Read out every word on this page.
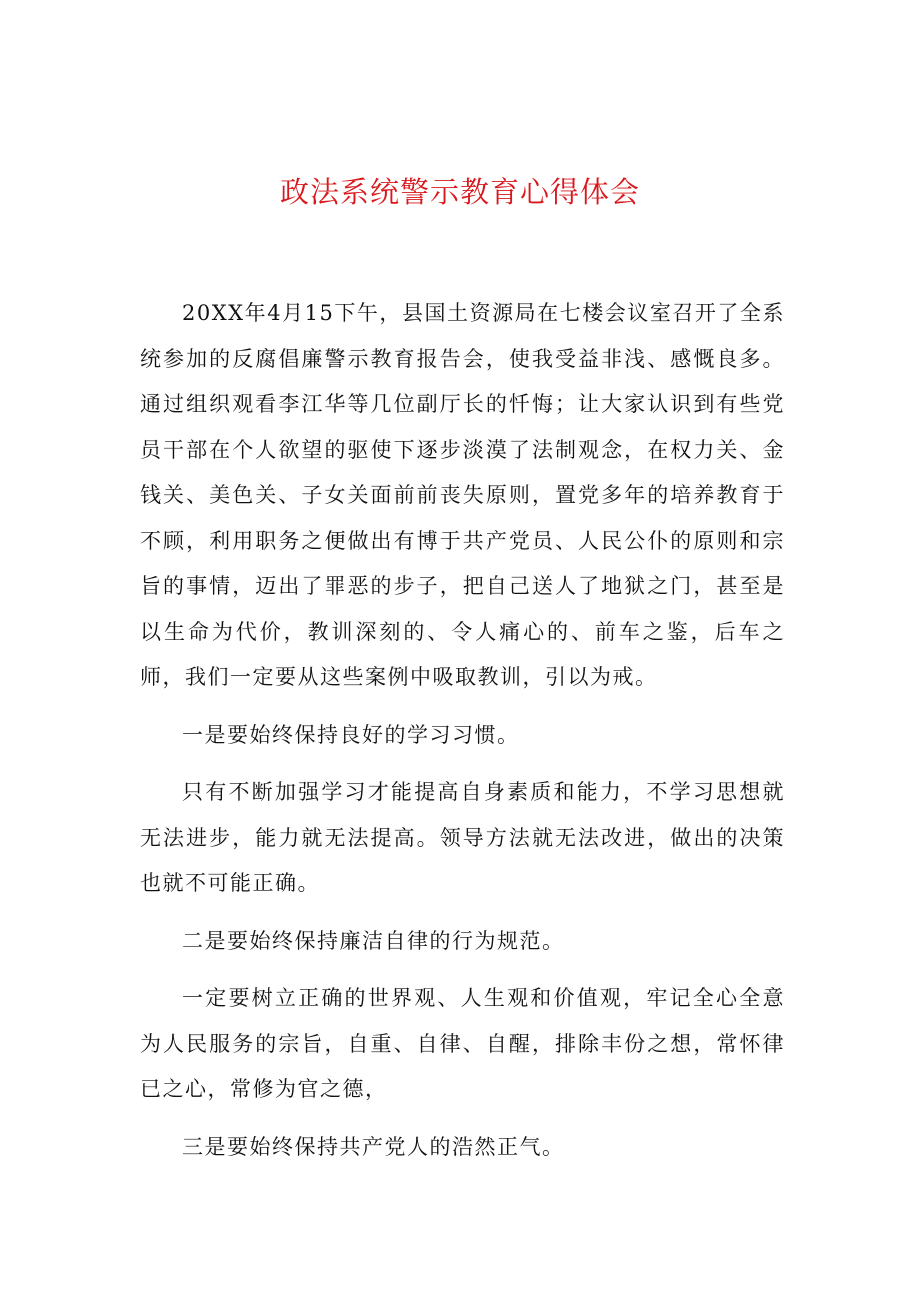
政法系统警示教育心得体会

20XX年4月15下午，县国土资源局在七楼会议室召开了全系统参加的反腐倡廉警示教育报告会，使我受益非浅、感慨良多。通过组织观看李江华等几位副厅长的忏悔；让大家认识到有些党员干部在个人欲望的驱使下逐步淡漠了法制观念，在权力关、金钱关、美色关、子女关面前前丧失原则，置党多年的培养教育于不顾，利用职务之便做出有博于共产党员、人民公仆的原则和宗旨的事情，迈出了罪恶的步子，把自己送人了地狱之门，甚至是以生命为代价，教训深刻的、令人痛心的、前车之鉴，后车之师，我们一定要从这些案例中吸取教训，引以为戒。

一是要始终保持良好的学习习惯。

只有不断加强学习才能提高自身素质和能力，不学习思想就无法进步，能力就无法提高。领导方法就无法改进，做出的决策也就不可能正确。

二是要始终保持廉洁自律的行为规范。

一定要树立正确的世界观、人生观和价值观，牢记全心全意为人民服务的宗旨，自重、自律、自醒，排除丰份之想，常怀律已之心，常修为官之德，

三是要始终保持共产党人的浩然正气。
